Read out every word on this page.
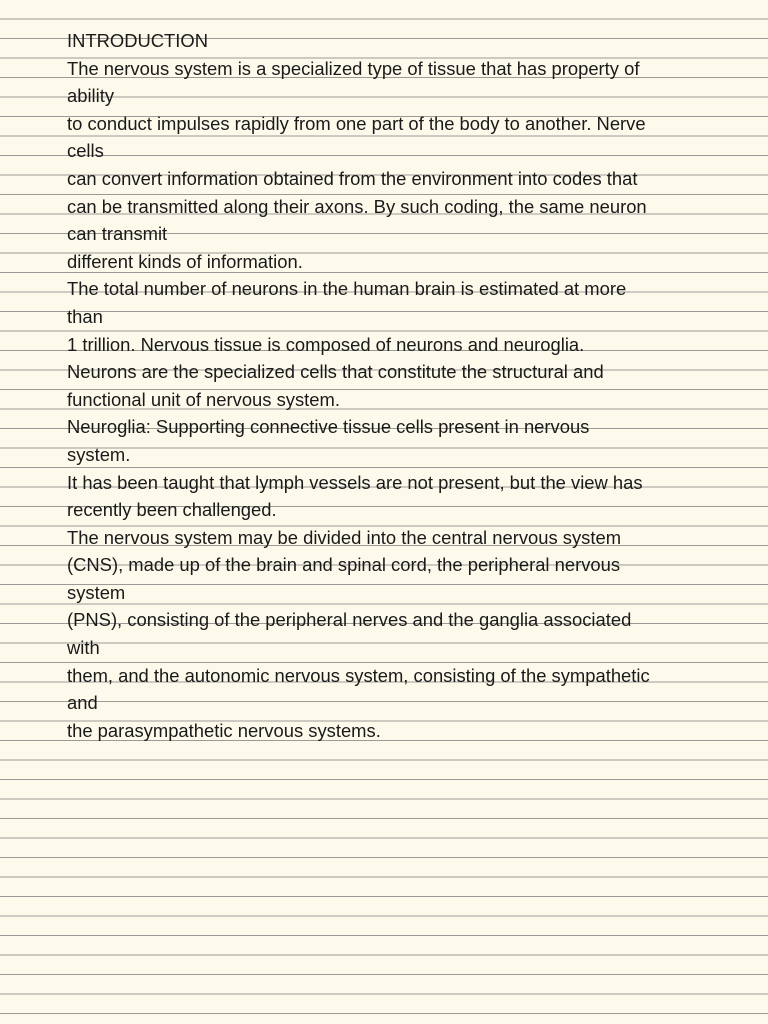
INTRODUCTION
The nervous system is a specialized type of tissue that has property of
ability
to conduct impulses rapidly from one part of the body to another. Nerve
cells
can convert information obtained from the environment into codes that
can be transmitted along their axons. By such coding, the same neuron
can transmit
different kinds of information.
The total number of neurons in the human brain is estimated at more
than
1 trillion. Nervous tissue is composed of neurons and neuroglia.
Neurons are the specialized cells that constitute the structural and
functional unit of nervous system.
Neuroglia: Supporting connective tissue cells present in nervous
system.
It has been taught that lymph vessels are not present, but the view has
recently been challenged.
The nervous system may be divided into the central nervous system
(CNS), made up of the brain and spinal cord, the peripheral nervous
system
(PNS), consisting of the peripheral nerves and the ganglia associated
with
them, and the autonomic nervous system, consisting of the sympathetic
and
the parasympathetic nervous systems.
